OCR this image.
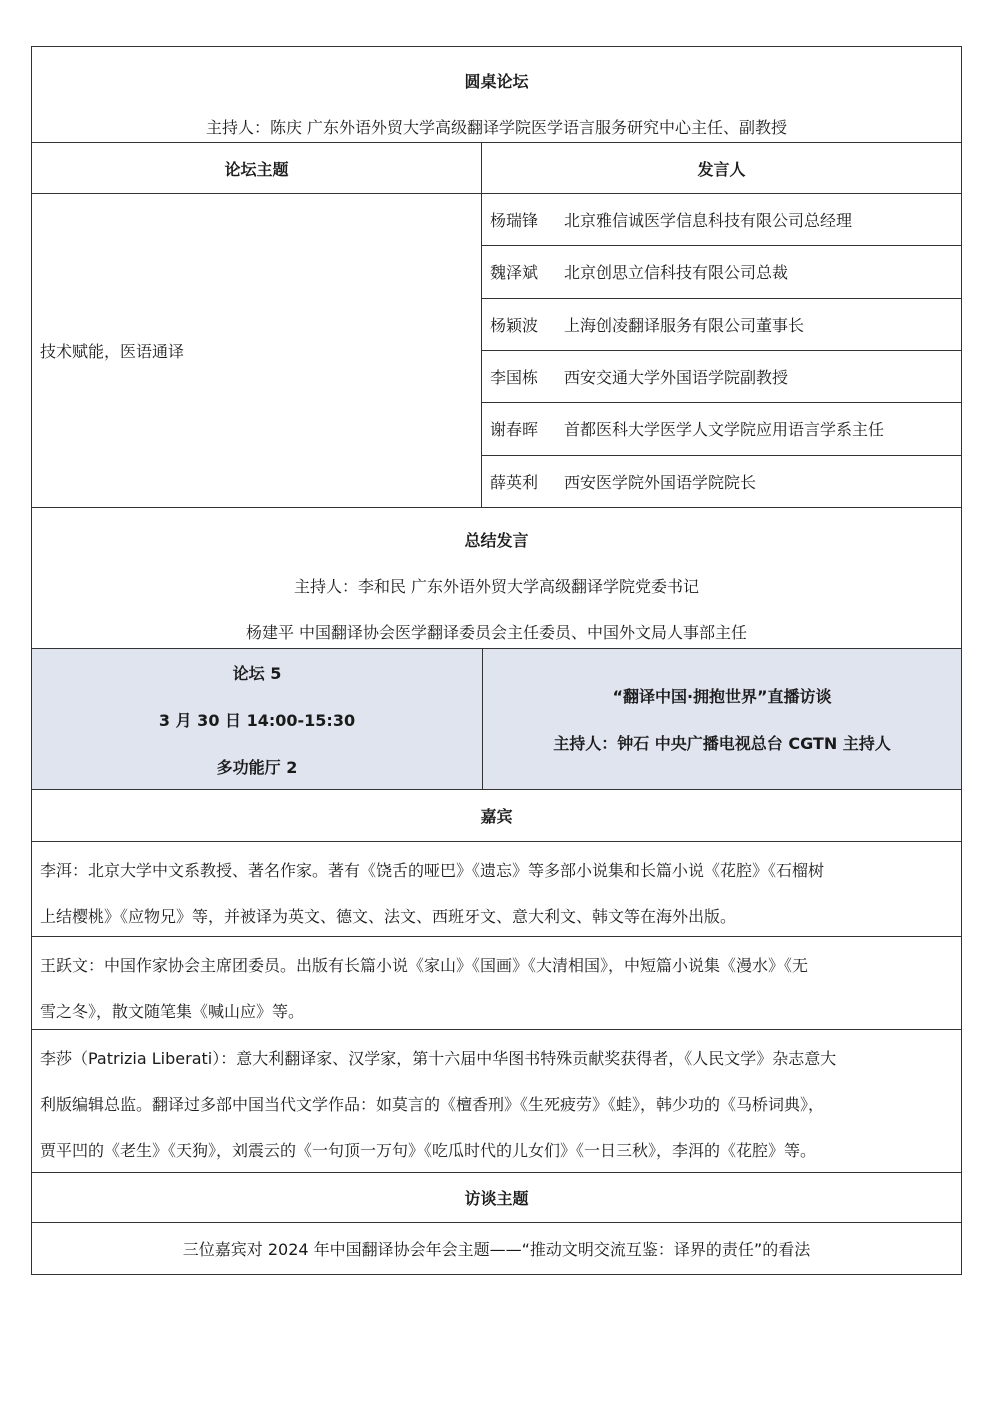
圆桌论坛
主持人：陈庆 广东外语外贸大学高级翻译学院医学语言服务研究中心主任、副教授
论坛主题	发言人
技术赋能，医语通译
杨瑞锋	北京雅信诚医学信息科技有限公司总经理
魏泽斌	北京创思立信科技有限公司总裁
杨颖波	上海创凌翻译服务有限公司董事长
李国栋	西安交通大学外国语学院副教授
谢春晖	首都医科大学医学人文学院应用语言学系主任
薛英利	西安医学院外国语学院院长
总结发言
主持人：李和民 广东外语外贸大学高级翻译学院党委书记
杨建平 中国翻译协会医学翻译委员会主任委员、中国外文局人事部主任
论坛 5
3 月 30 日 14:00-15:30
多功能厅 2
“翻译中国·拥抱世界”直播访谈
主持人：钟石 中央广播电视总台 CGTN 主持人
嘉宾
李洱：北京大学中文系教授、著名作家。著有《饶舌的哑巴》《遗忘》等多部小说集和长篇小说《花腔》《石榴树
上结樱桃》《应物兄》等，并被译为英文、德文、法文、西班牙文、意大利文、韩文等在海外出版。
王跃文：中国作家协会主席团委员。出版有长篇小说《家山》《国画》《大清相国》，中短篇小说集《漫水》《无
雪之冬》，散文随笔集《喊山应》等。
李莎（Patrizia Liberati）：意大利翻译家、汉学家，第十六届中华图书特殊贡献奖获得者，《人民文学》杂志意大
利版编辑总监。翻译过多部中国当代文学作品：如莫言的《檀香刑》《生死疲劳》《蛙》，韩少功的《马桥词典》，
贾平凹的《老生》《天狗》，刘震云的《一句顶一万句》《吃瓜时代的儿女们》《一日三秋》，李洱的《花腔》等。
访谈主题
三位嘉宾对 2024 年中国翻译协会年会主题——“推动文明交流互鉴：译界的责任”的看法
